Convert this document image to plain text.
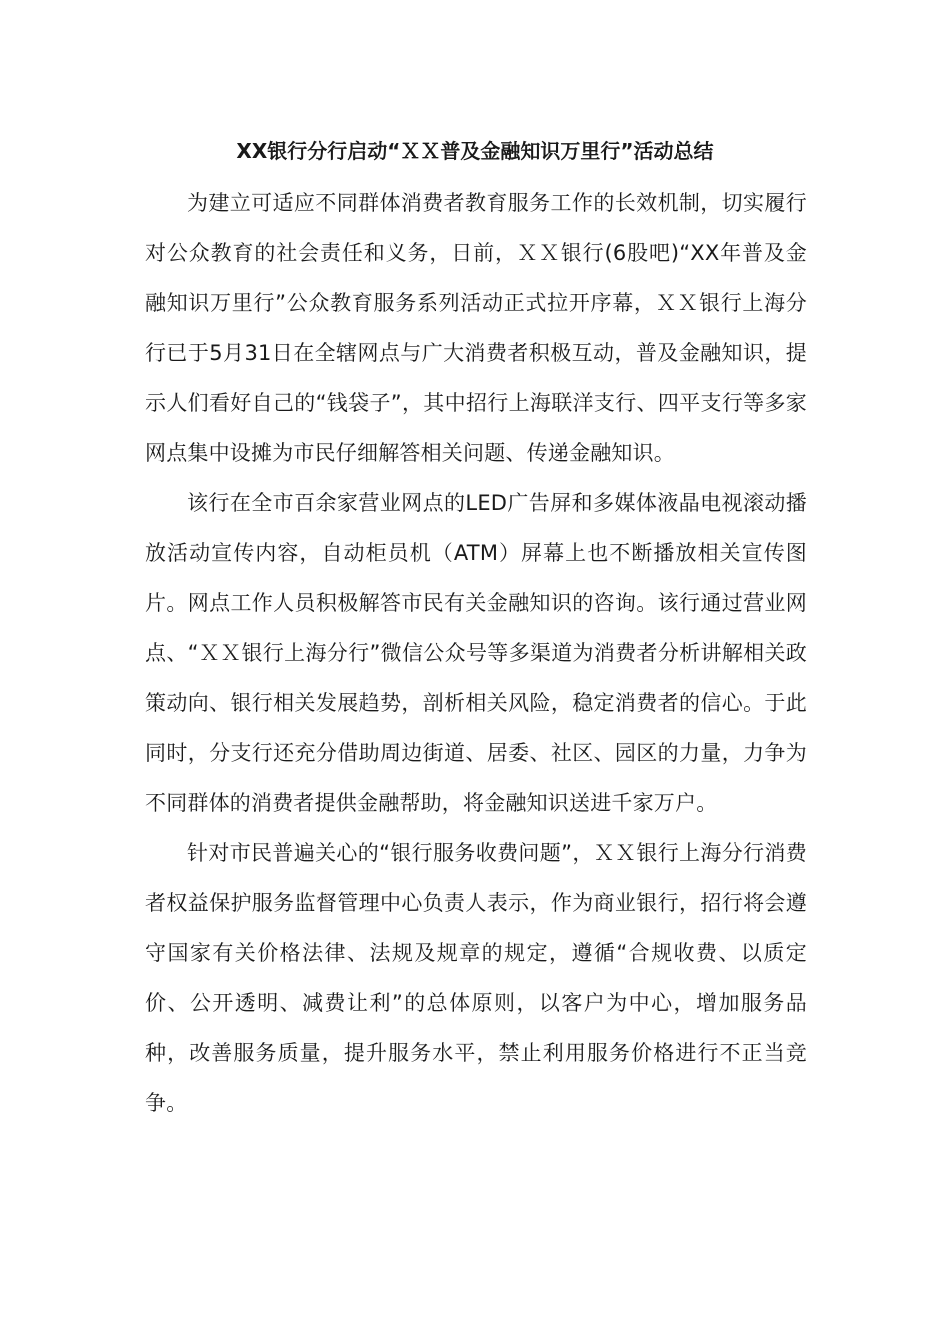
XX银行分行启动“ＸＸ普及金融知识万里行”活动总结

为建立可适应不同群体消费者教育服务工作的长效机制，切实履行对公众教育的社会责任和义务，日前，ＸＸ银行(6股吧)“XX年普及金融知识万里行”公众教育服务系列活动正式拉开序幕，ＸＸ银行上海分行已于5月31日在全辖网点与广大消费者积极互动，普及金融知识，提示人们看好自己的“钱袋子”，其中招行上海联洋支行、四平支行等多家网点集中设摊为市民仔细解答相关问题、传递金融知识。

该行在全市百余家营业网点的LED广告屏和多媒体液晶电视滚动播放活动宣传内容，自动柜员机（ATM）屏幕上也不断播放相关宣传图片。网点工作人员积极解答市民有关金融知识的咨询。该行通过营业网点、“ＸＸ银行上海分行”微信公众号等多渠道为消费者分析讲解相关政策动向、银行相关发展趋势，剖析相关风险，稳定消费者的信心。于此同时，分支行还充分借助周边街道、居委、社区、园区的力量，力争为不同群体的消费者提供金融帮助，将金融知识送进千家万户。

针对市民普遍关心的“银行服务收费问题”，ＸＸ银行上海分行消费者权益保护服务监督管理中心负责人表示，作为商业银行，招行将会遵守国家有关价格法律、法规及规章的规定，遵循“合规收费、以质定价、公开透明、减费让利”的总体原则，以客户为中心，增加服务品种，改善服务质量，提升服务水平，禁止利用服务价格进行不正当竞争。
